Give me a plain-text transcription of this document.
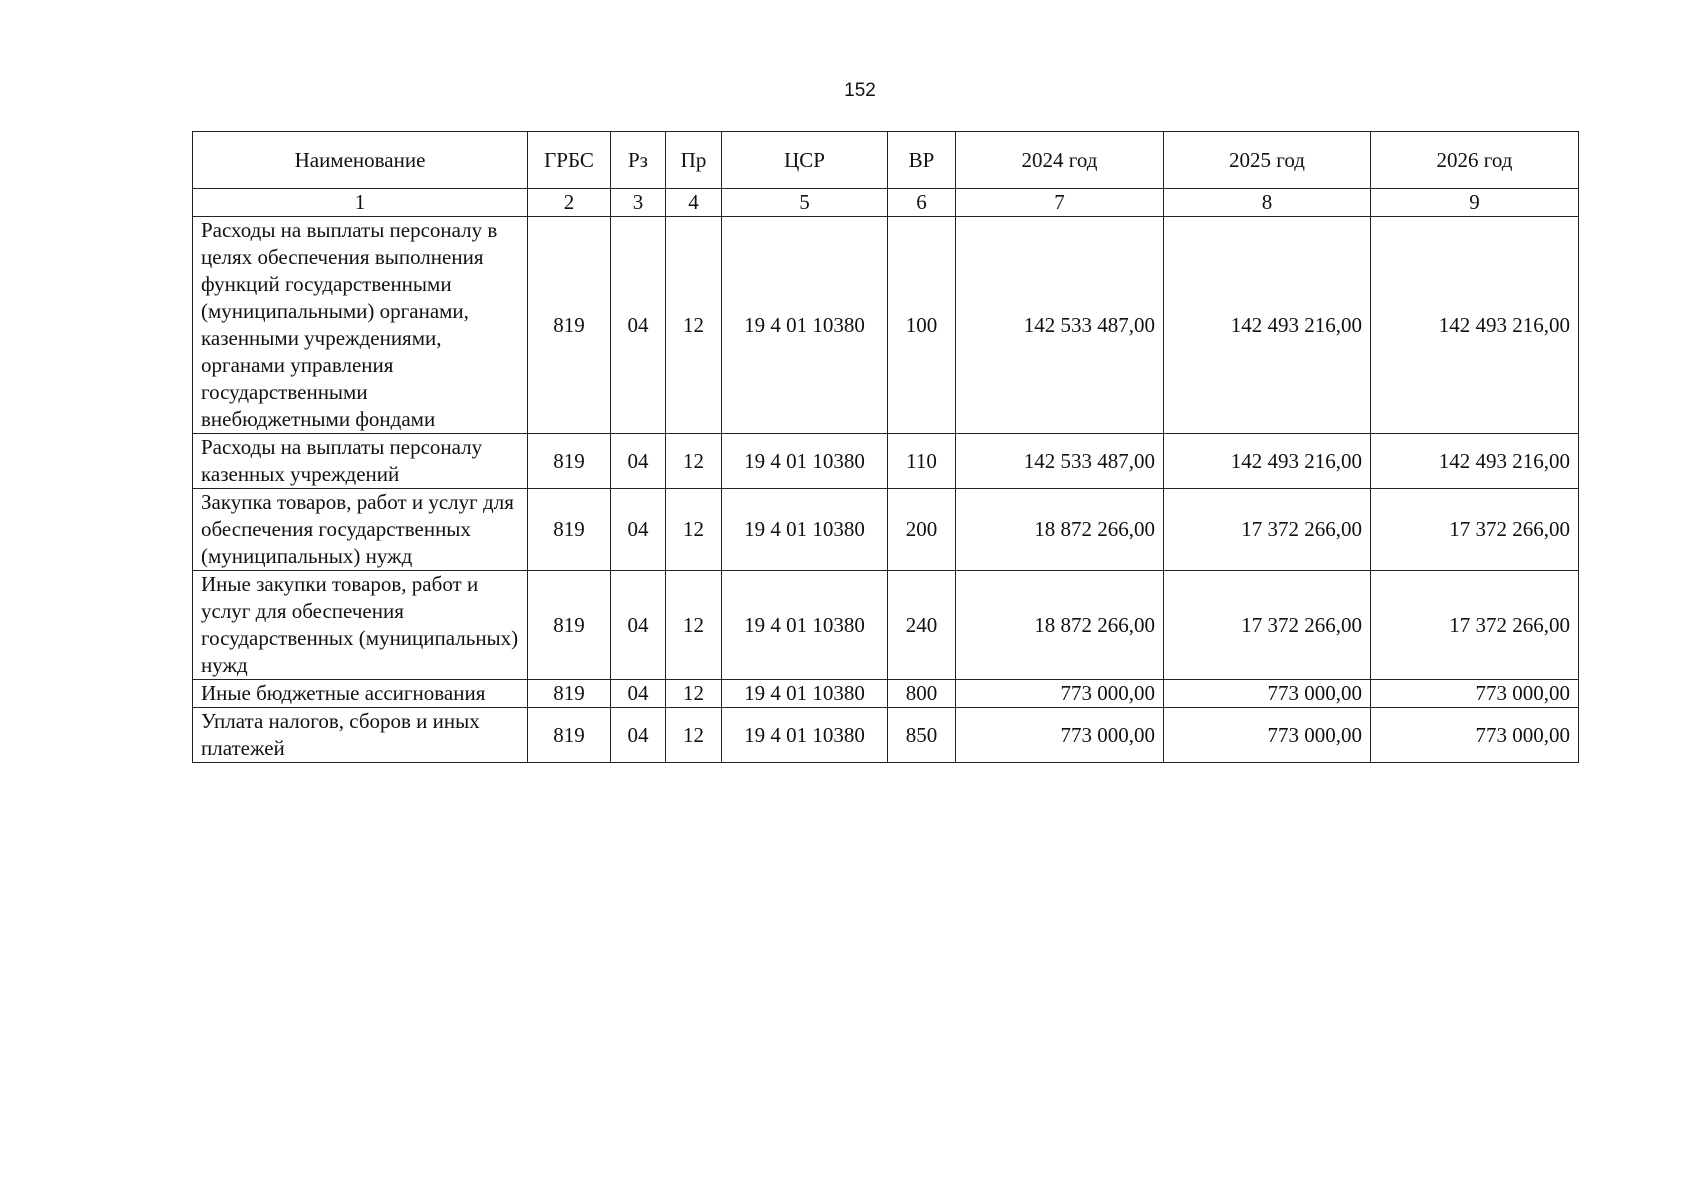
152
Наименование	ГРБС	Рз	Пр	ЦСР	ВР	2024 год	2025 год	2026 год
1	2	3	4	5	6	7	8	9
Расходы на выплаты персоналу в целях обеспечения выполнения функций государственными (муниципальными) органами, казенными учреждениями, органами управления государственными внебюджетными фондами	819	04	12	19 4 01 10380	100	142 533 487,00	142 493 216,00	142 493 216,00
Расходы на выплаты персоналу казенных учреждений	819	04	12	19 4 01 10380	110	142 533 487,00	142 493 216,00	142 493 216,00
Закупка товаров, работ и услуг для обеспечения государственных (муниципальных) нужд	819	04	12	19 4 01 10380	200	18 872 266,00	17 372 266,00	17 372 266,00
Иные закупки товаров, работ и услуг для обеспечения государственных (муниципальных) нужд	819	04	12	19 4 01 10380	240	18 872 266,00	17 372 266,00	17 372 266,00
Иные бюджетные ассигнования	819	04	12	19 4 01 10380	800	773 000,00	773 000,00	773 000,00
Уплата налогов, сборов и иных платежей	819	04	12	19 4 01 10380	850	773 000,00	773 000,00	773 000,00
